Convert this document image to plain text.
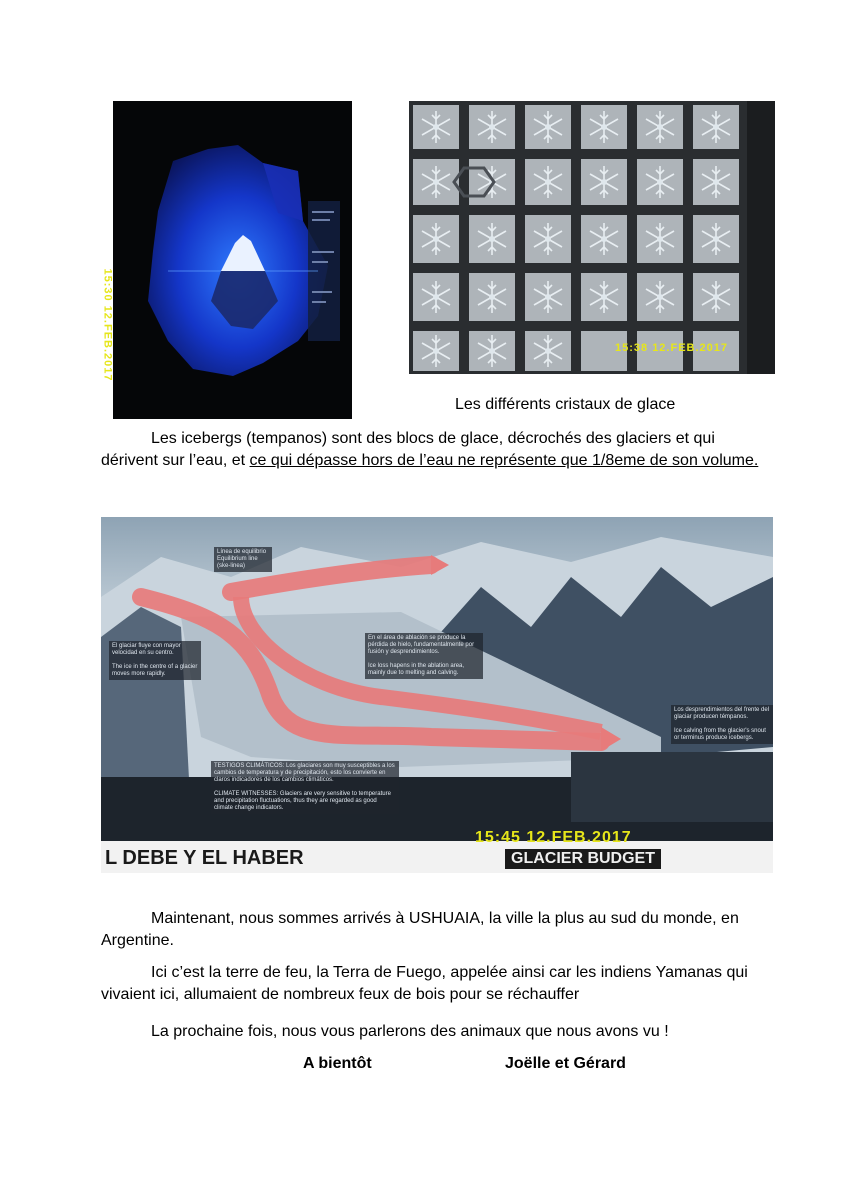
15:30 12.FEB.2017	15:38 12.FEB.2017
Les différents cristaux de glace
Les icebergs (tempanos) sont des blocs de glace, décrochés des glaciers et qui dérivent sur l’eau, et ce qui dépasse hors de l’eau ne représente que 1/8eme de son volume.
Línea de equilibrio
Equilibrium line
(ske-linea)
El glaciar fluye con mayor velocidad en su centro.

The ice in the centre of a glacier moves more rapidly.
En el área de ablación se produce la pérdida de hielo, fundamentalmente por fusión y desprendimientos.

Ice loss hapens in the ablation area, mainly due to melting and calving.
Los desprendimientos del frente del glaciar producen témpanos.

Ice calving from the glacier's snout or terminus produce icebergs.
TESTIGOS CLIMÁTICOS: Los glaciares son muy susceptibles a los cambios de temperatura y de precipitación, esto los convierte en claros indicadores de los cambios climáticos.

CLIMATE WITNESSES: Glaciers are very sensitive to temperature and precipitation fluctuations, thus they are regarded as good climate change indicators.
15:45 12.FEB.2017
L DEBE Y EL HABER	GLACIER BUDGET
Maintenant, nous sommes arrivés à USHUAIA, la ville la plus au sud du monde, en Argentine.
Ici c’est la terre de feu, la Terra de Fuego, appelée ainsi car les indiens Yamanas qui vivaient ici, allumaient de nombreux feux de bois pour se réchauffer
La prochaine fois, nous vous parlerons des animaux que nous avons vu !
A bientôt	Joëlle et Gérard
